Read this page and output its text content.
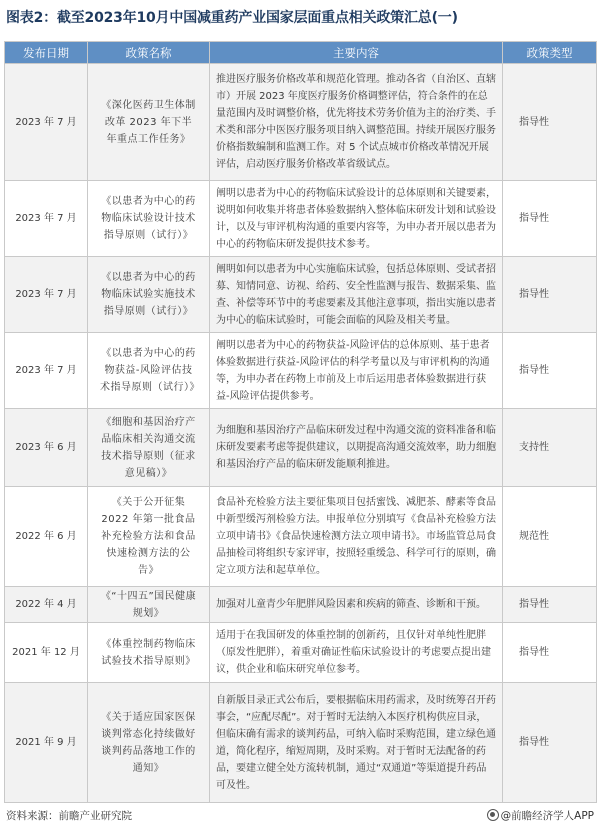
图表2：截至2023年10月中国减重药产业国家层面重点相关政策汇总(一)
发布日期	政策名称	主要内容	政策类型
2023 年 7 月	《深化医药卫生体制改革 2023 年下半年重点工作任务》	推进医疗服务价格改革和规范化管理。推动各省（自治区、直辖市）开展 2023 年度医疗服务价格调整评估，符合条件的在总量范围内及时调整价格，优先将技术劳务价值为主的治疗类、手术类和部分中医医疗服务项目纳入调整范围。持续开展医疗服务价格指数编制和监测工作。对 5 个试点城市价格改革情况开展评估，启动医疗服务价格改革省级试点。	指导性
2023 年 7 月	《以患者为中心的药物临床试验设计技术指导原则（试行）》	阐明以患者为中心的药物临床试验设计的总体原则和关键要素，说明如何收集并将患者体验数据纳入整体临床研发计划和试验设计，以及与审评机构沟通的重要内容等，为申办者开展以患者为中心的药物临床研发提供技术参考。	指导性
2023 年 7 月	《以患者为中心的药物临床试验实施技术指导原则（试行）》	阐明如何以患者为中心实施临床试验，包括总体原则、受试者招募、知情同意、访视、给药、安全性监测与报告、数据采集、监查、补偿等环节中的考虑要素及其他注意事项，指出实施以患者为中心的临床试验时，可能会面临的风险及相关考量。	指导性
2023 年 7 月	《以患者为中心的药物获益-风险评估技术指导原则（试行）》	阐明以患者为中心的药物获益-风险评估的总体原则、基于患者体验数据进行获益-风险评估的科学考量以及与审评机构的沟通等，为申办者在药物上市前及上市后运用患者体验数据进行获益-风险评估提供参考。	指导性
2023 年 6 月	《细胞和基因治疗产品临床相关沟通交流技术指导原则（征求意见稿）》	为细胞和基因治疗产品临床研发过程中沟通交流的资料准备和临床研发要素考虑等提供建议，以期提高沟通交流效率，助力细胞和基因治疗产品的临床研发能顺利推进。	支持性
2022 年 6 月	《关于公开征集 2022 年第一批食品补充检验方法和食品快速检测方法的公告》	食品补充检验方法主要征集项目包括蜜饯、减肥茶、酵素等食品中新型缓泻剂检验方法。申报单位分别填写《食品补充检验方法立项申请书》《食品快速检测方法立项申请书》。市场监管总局食品抽检司将组织专家评审，按照轻重缓急、科学可行的原则，确定立项方法和起草单位。	规范性
2022 年 4 月	《“十四五”国民健康规划》	加强对儿童青少年肥胖风险因素和疾病的筛查、诊断和干预。	指导性
2021 年 12 月	《体重控制药物临床试验技术指导原则》	适用于在我国研发的体重控制的创新药，且仅针对单纯性肥胖（原发性肥胖），着重对确证性临床试验设计的考虑要点提出建议，供企业和临床研究单位参考。	指导性
2021 年 9 月	《关于适应国家医保谈判常态化持续做好谈判药品落地工作的通知》	自新版目录正式公布后，要根据临床用药需求，及时统筹召开药事会，“应配尽配”。对于暂时无法纳入本医疗机构供应目录，但临床确有需求的谈判药品，可纳入临时采购范围，建立绿色通道，简化程序，缩短周期，及时采购。对于暂时无法配备的药品，要建立健全处方流转机制，通过“双通道”等渠道提升药品可及性。	指导性
资料来源：前瞻产业研究院	@前瞻经济学人APP
